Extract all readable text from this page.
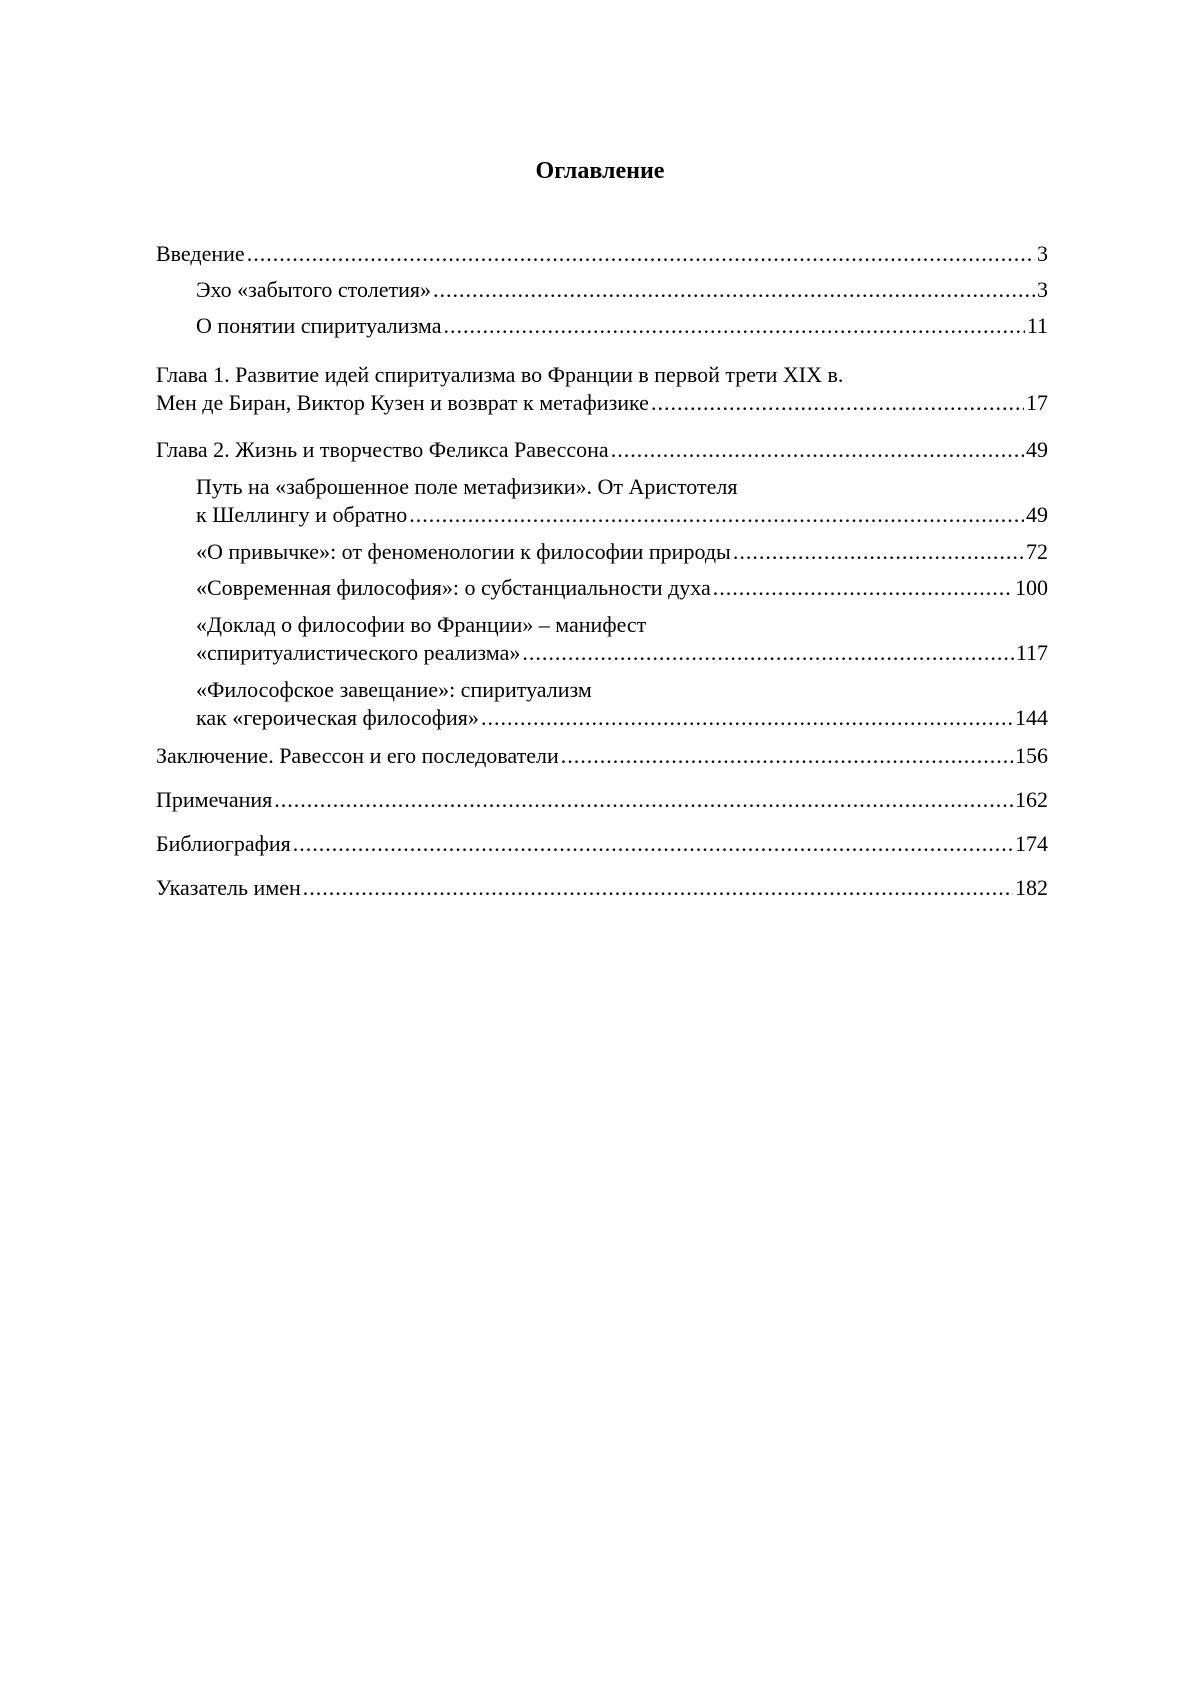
Оглавление
Введение .....	3
Эхо «забытого столетия» .....	3
О понятии спиритуализма .....	11
Глава 1. Развитие идей спиритуализма во Франции в первой трети XIX в.
Мен де Биран, Виктор Кузен и возврат к метафизике .....	17
Глава 2. Жизнь и творчество Феликса Равессона .....	49
Путь на «заброшенное поле метафизики». От Аристотеля
к Шеллингу и обратно .....	49
«О привычке»: от феноменологии к философии природы .....	72
«Современная философия»: о субстанциальности духа .....	100
«Доклад о философии во Франции» – манифест
«спиритуалистического реализма» .....	117
«Философское завещание»: спиритуализм
как «героическая философия» .....	144
Заключение. Равессон и его последователи .....	156
Примечания .....	162
Библиография .....	174
Указатель имен .....	182
